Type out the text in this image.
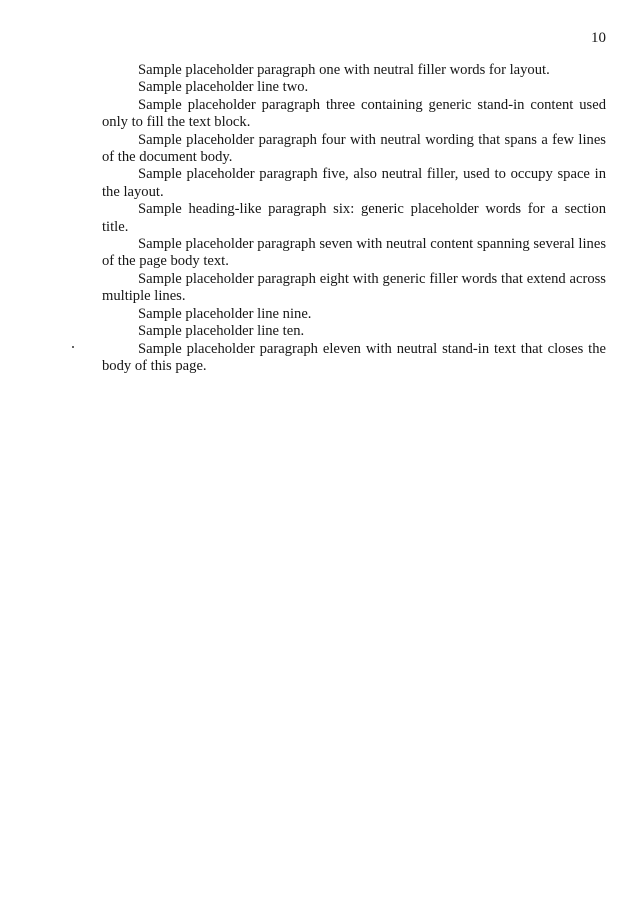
10

Sample placeholder paragraph one with neutral filler words for layout.

Sample placeholder line two.

Sample placeholder paragraph three containing generic stand-in content used only to fill the text block.

Sample placeholder paragraph four with neutral wording that spans a few lines of the document body.

Sample placeholder paragraph five, also neutral filler, used to occupy space in the layout.

Sample heading-like paragraph six: generic placeholder words for a section title.

Sample placeholder paragraph seven with neutral content spanning several lines of the page body text.

Sample placeholder paragraph eight with generic filler words that extend across multiple lines.

Sample placeholder line nine.

Sample placeholder line ten.

Sample placeholder paragraph eleven with neutral stand-in text that closes the body of this page.
